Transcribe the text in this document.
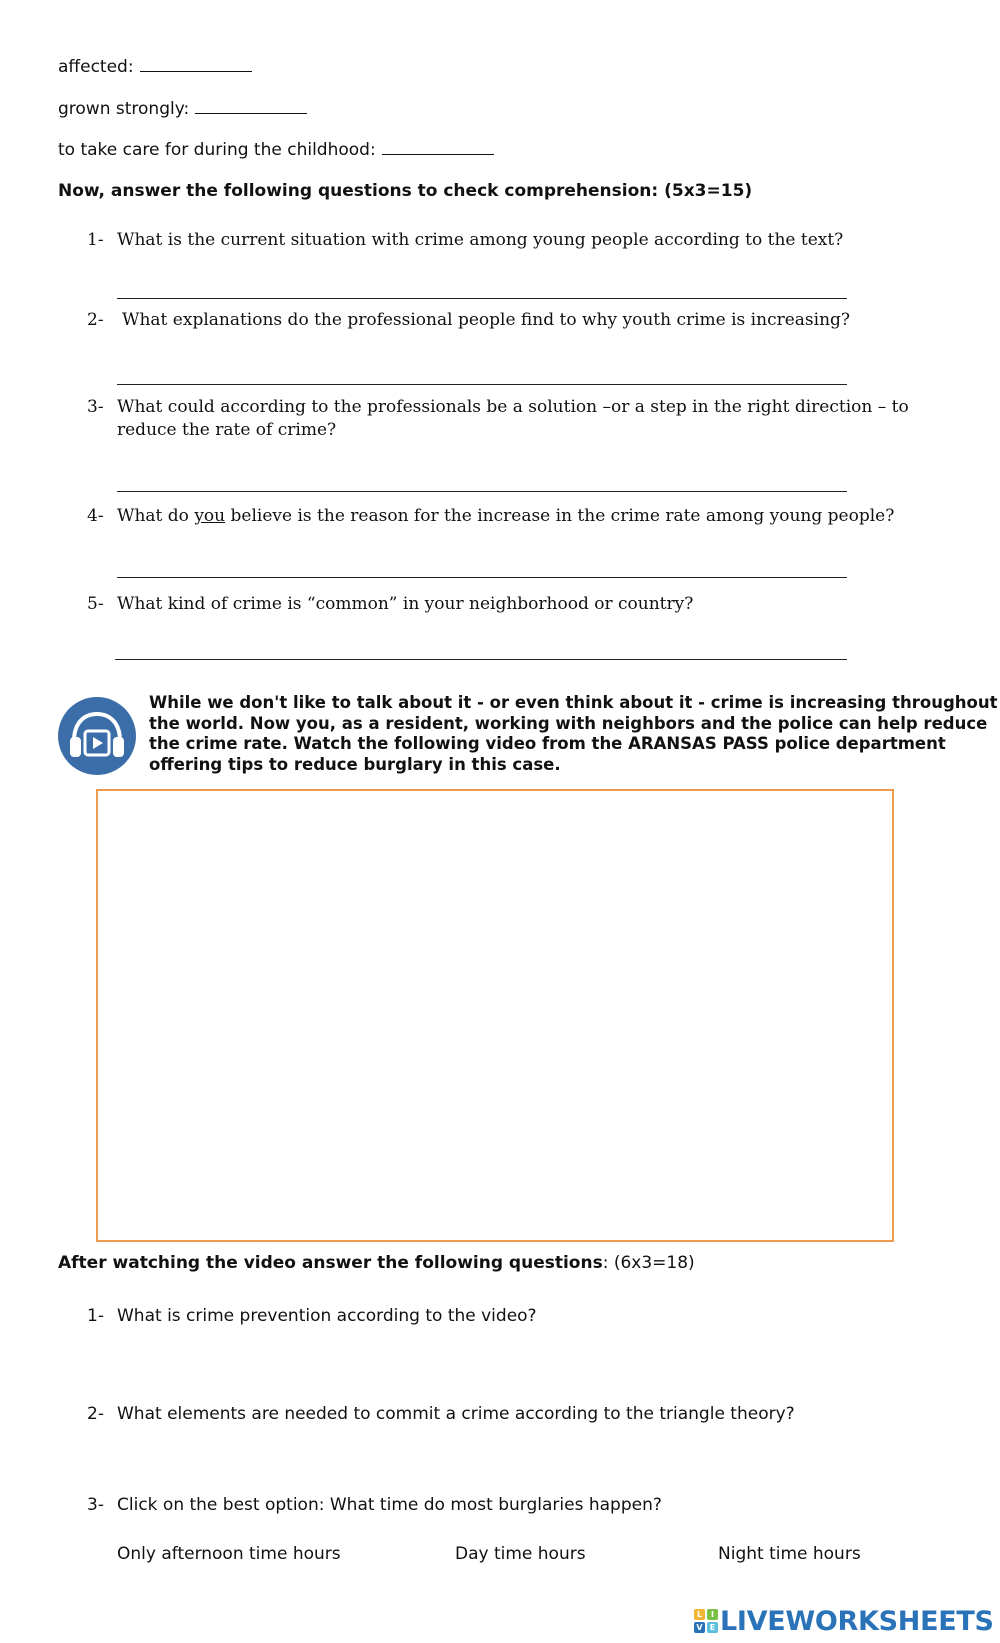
affected:
grown strongly:
to take care for during the childhood:
Now, answer the following questions to check comprehension: (5x3=15)
1- What is the current situation with crime among young people according to the text?
2- What explanations do the professional people find to why youth crime is increasing?
3- What could according to the professionals be a solution –or a step in the right direction – to
reduce the rate of crime?
4- What do you believe is the reason for the increase in the crime rate among young people?
5- What kind of crime is “common” in your neighborhood or country?
While we don't like to talk about it - or even think about it - crime is increasing throughout
the world. Now you, as a resident, working with neighbors and the police can help reduce
the crime rate. Watch the following video from the ARANSAS PASS police department
offering tips to reduce burglary in this case.
After watching the video answer the following questions: (6x3=18)
1- What is crime prevention according to the video?
2- What elements are needed to commit a crime according to the triangle theory?
3- Click on the best option: What time do most burglaries happen?
Only afternoon time hours	Day time hours	Night time hours
L	I
V E LIVEWORKSHEETS
